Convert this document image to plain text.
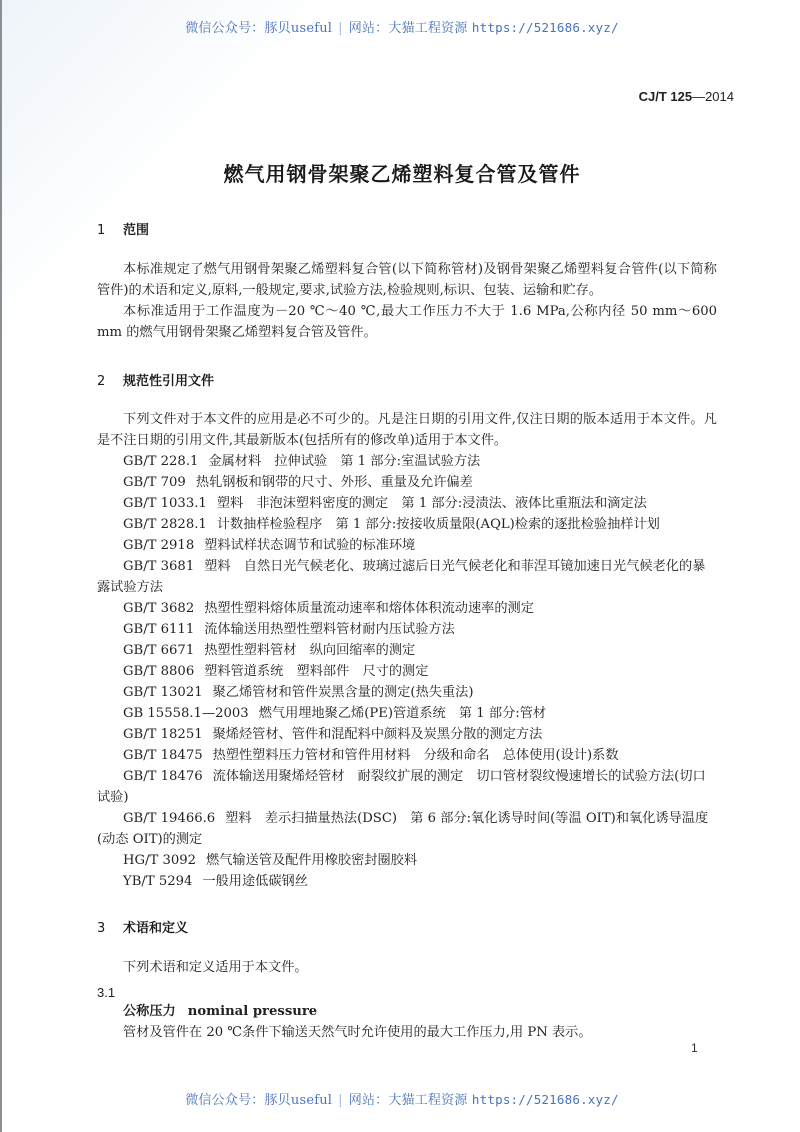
微信公众号：豚贝useful | 网站：大猫工程资源 https://521686.xyz/
CJ/T 125—2014
燃气用钢骨架聚乙烯塑料复合管及管件
1 范围

本标准规定了燃气用钢骨架聚乙烯塑料复合管(以下简称管材)及钢骨架聚乙烯塑料复合管件(以下简称管件)的术语和定义,原料,一般规定,要求,试验方法,检验规则,标识、包装、运输和贮存。

本标准适用于工作温度为－20 ℃～40 ℃,最大工作压力不大于 1.6 MPa,公称内径 50 mm～600 mm 的燃气用钢骨架聚乙烯塑料复合管及管件。

2 规范性引用文件

下列文件对于本文件的应用是必不可少的。凡是注日期的引用文件,仅注日期的版本适用于本文件。凡是不注日期的引用文件,其最新版本(包括所有的修改单)适用于本文件。

GB/T 228.1 金属材料　拉伸试验　第 1 部分:室温试验方法

GB/T 709 热轧钢板和钢带的尺寸、外形、重量及允许偏差

GB/T 1033.1 塑料　非泡沫塑料密度的测定　第 1 部分:浸渍法、液体比重瓶法和滴定法

GB/T 2828.1 计数抽样检验程序　第 1 部分:按接收质量限(AQL)检索的逐批检验抽样计划

GB/T 2918 塑料试样状态调节和试验的标准环境

GB/T 3681 塑料　自然日光气候老化、玻璃过滤后日光气候老化和菲涅耳镜加速日光气候老化的暴露试验方法

GB/T 3682 热塑性塑料熔体质量流动速率和熔体体积流动速率的测定

GB/T 6111 流体输送用热塑性塑料管材耐内压试验方法

GB/T 6671 热塑性塑料管材　纵向回缩率的测定

GB/T 8806 塑料管道系统　塑料部件　尺寸的测定

GB/T 13021 聚乙烯管材和管件炭黑含量的测定(热失重法)

GB 15558.1—2003 燃气用埋地聚乙烯(PE)管道系统　第 1 部分:管材

GB/T 18251 聚烯烃管材、管件和混配料中颜料及炭黑分散的测定方法

GB/T 18475 热塑性塑料压力管材和管件用材料　分级和命名　总体使用(设计)系数

GB/T 18476 流体输送用聚烯烃管材　耐裂纹扩展的测定　切口管材裂纹慢速增长的试验方法(切口试验)

GB/T 19466.6 塑料　差示扫描量热法(DSC)　第 6 部分:氧化诱导时间(等温 OIT)和氧化诱导温度(动态 OIT)的测定

HG/T 3092 燃气输送管及配件用橡胶密封圈胶料

YB/T 5294 一般用途低碳钢丝

3 术语和定义

下列术语和定义适用于本文件。

3.1
公称压力 nominal pressure
管材及管件在 20 ℃条件下输送天然气时允许使用的最大工作压力,用 PN 表示。
1
微信公众号：豚贝useful | 网站：大猫工程资源 https://521686.xyz/
